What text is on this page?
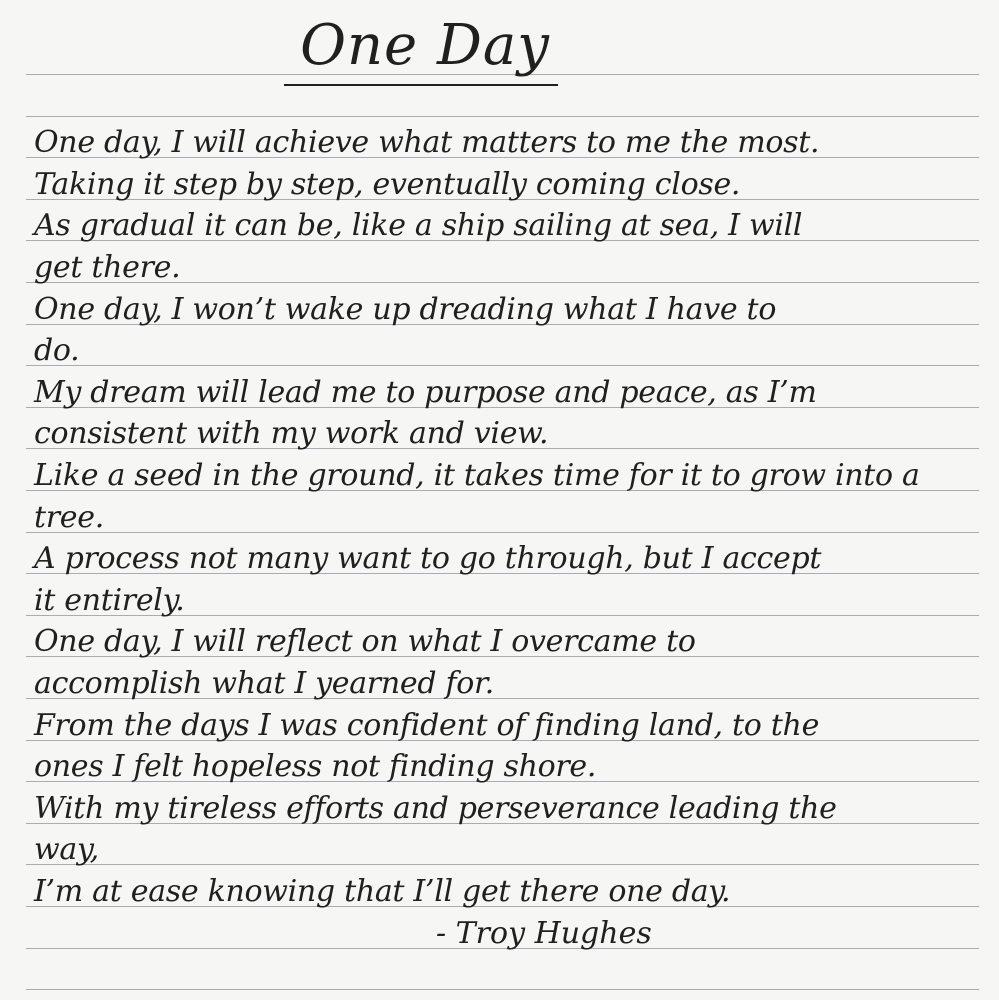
One Day
One day, I will achieve what matters to me the most.
Taking it step by step, eventually coming close.
As gradual it can be, like a ship sailing at sea, I will
get there.
One day, I won’t wake up dreading what I have to
do.
My dream will lead me to purpose and peace, as I’m
consistent with my work and view.
Like a seed in the ground, it takes time for it to grow into a
tree.
A process not many want to go through, but I accept
it entirely.
One day, I will reflect on what I overcame to
accomplish what I yearned for.
From the days I was confident of finding land, to the
ones I felt hopeless not finding shore.
With my tireless efforts and perseverance leading the
way,
I’m at ease knowing that I’ll get there one day.
- Troy Hughes
